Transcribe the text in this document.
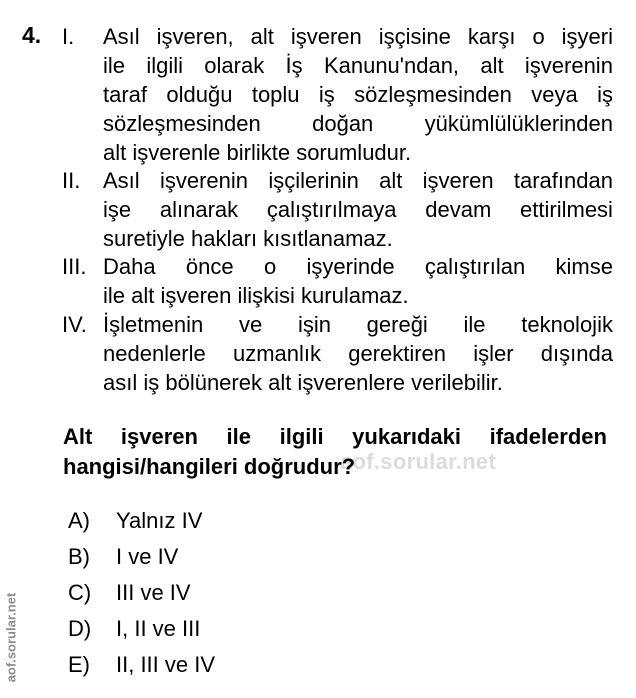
4. I. Asıl işveren, alt işveren işçisine karşı o işyeri
ile ilgili olarak İş Kanunu'ndan, alt işverenin
taraf olduğu toplu iş sözleşmesinden veya iş
sözleşmesinden doğan yükümlülüklerinden
alt işverenle birlikte sorumludur.
II. Asıl işverenin işçilerinin alt işveren tarafından
işe alınarak çalıştırılmaya devam ettirilmesi
suretiyle hakları kısıtlanamaz.
III. Daha önce o işyerinde çalıştırılan kimse
ile alt işveren ilişkisi kurulamaz.
IV. İşletmenin ve işin gereği ile teknolojik
nedenlerle uzmanlık gerektiren işler dışında
asıl iş bölünerek alt işverenlere verilebilir.
aof.sorular.net
Alt işveren ile ilgili yukarıdaki ifadelerden
hangisi/hangileri doğrudur?
A)	Yalnız IV
B)	I ve IV
C)	III ve IV
D)	I, II ve III
E)	II, III ve IV
aof.sorular.net
